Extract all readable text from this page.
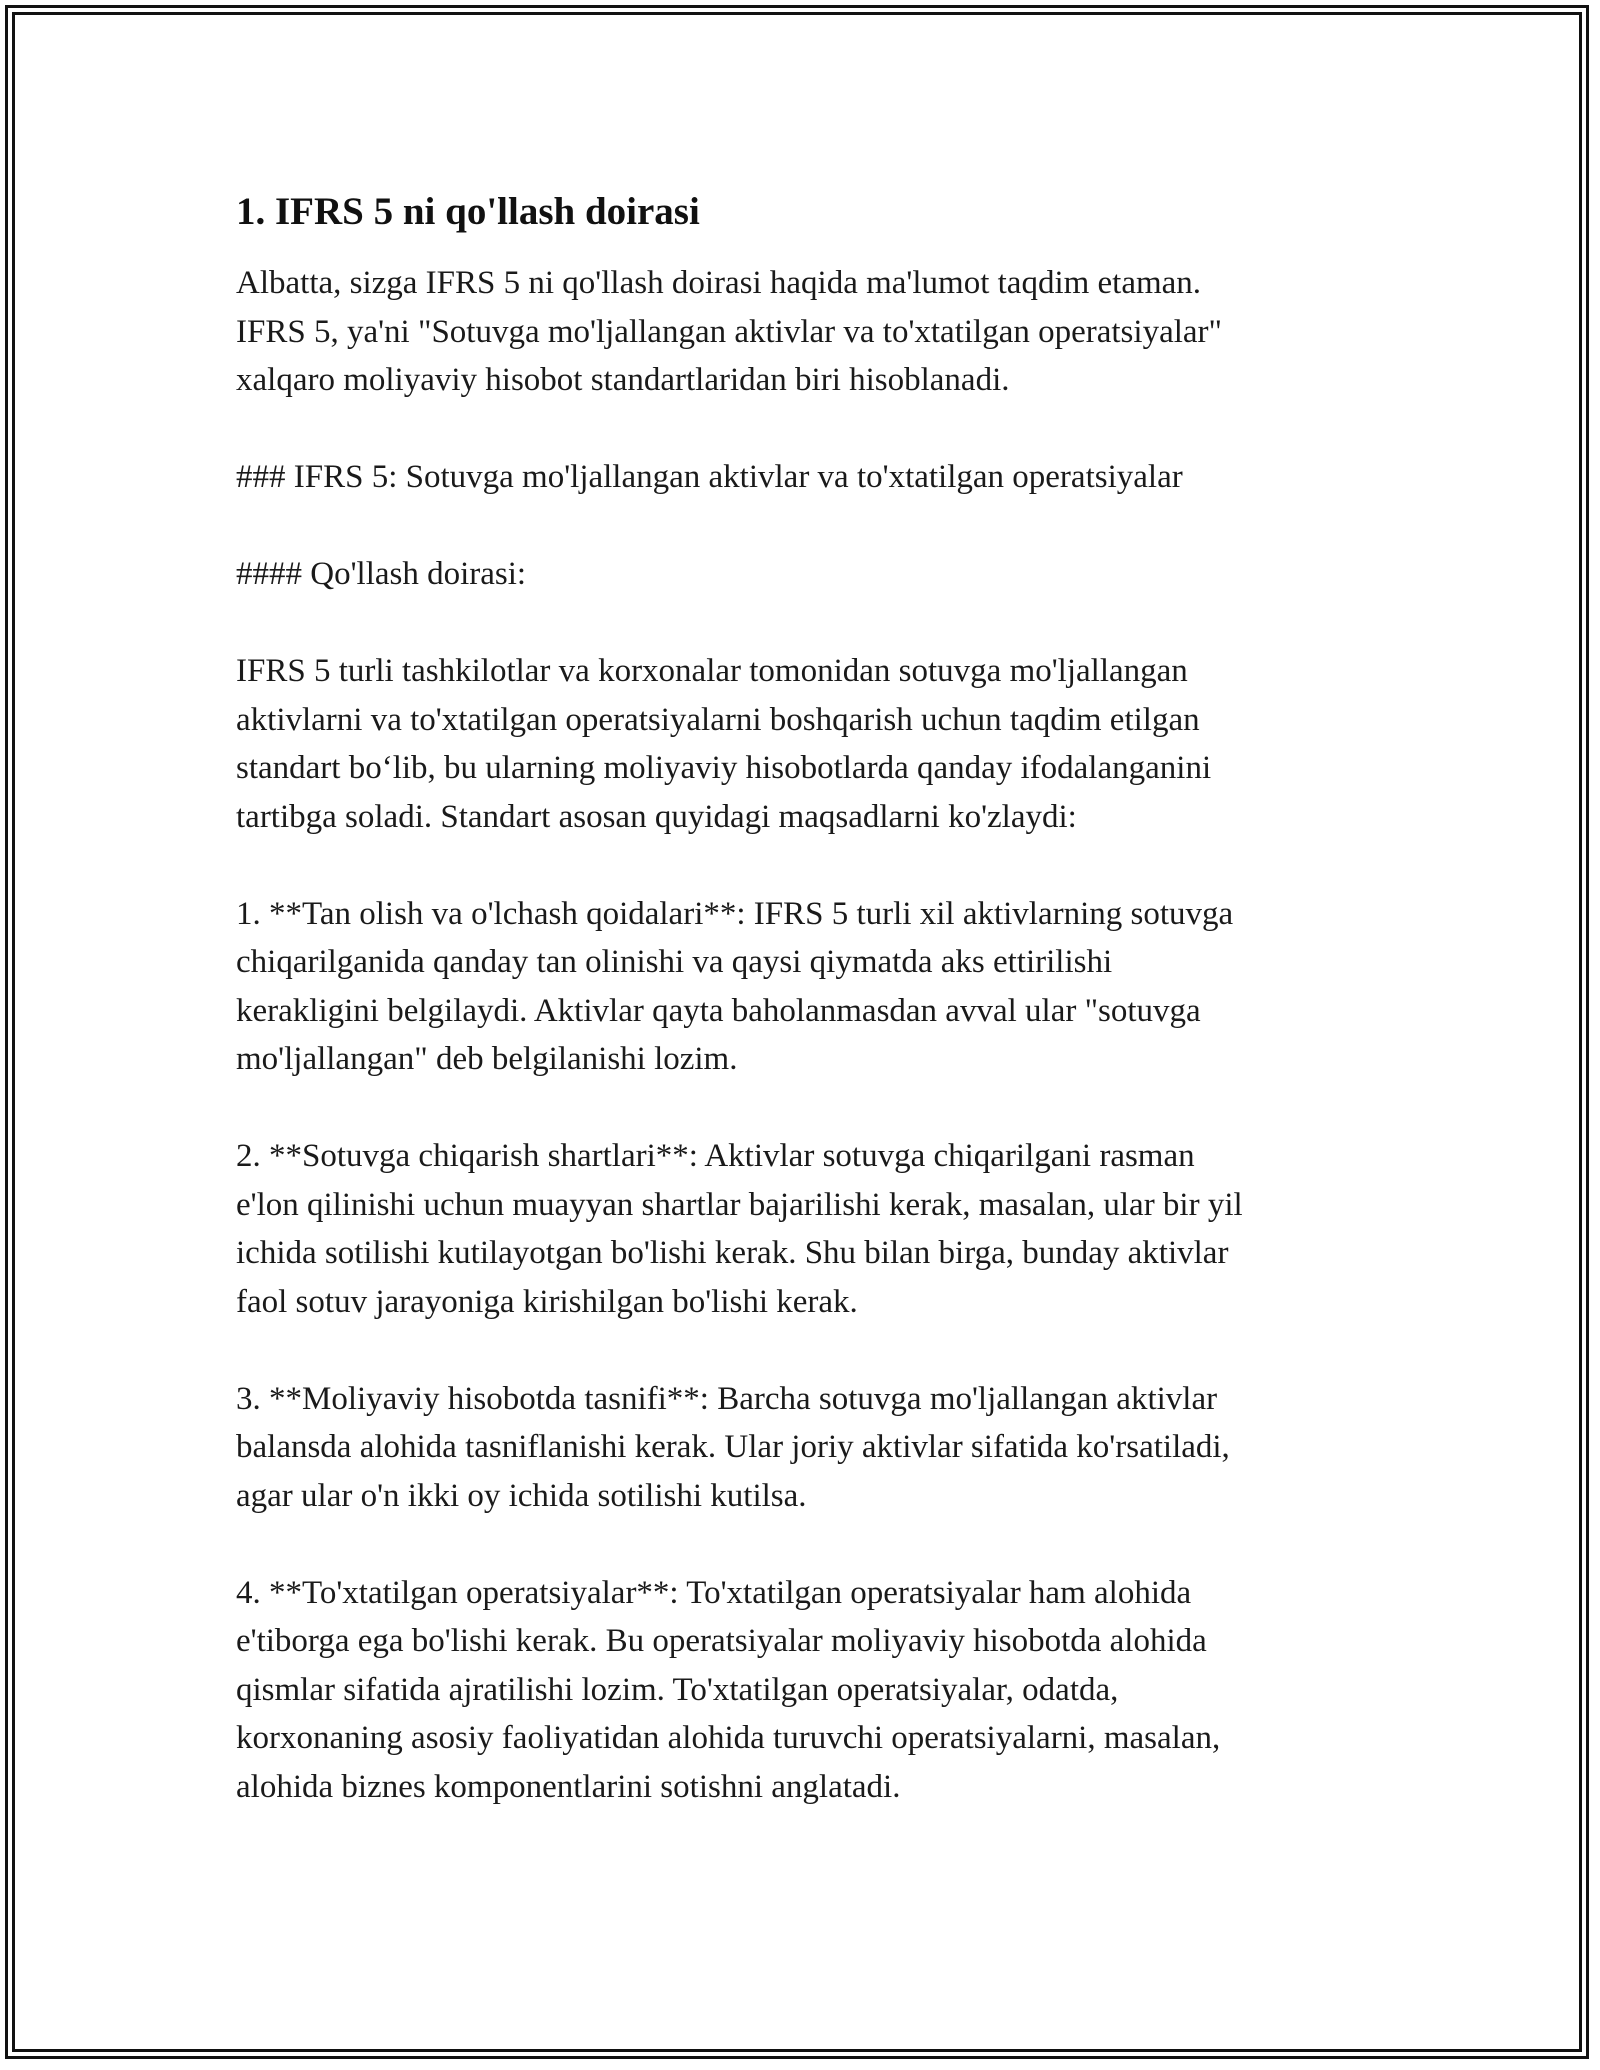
1. IFRS 5 ni qo'llash doirasi
Albatta, sizga IFRS 5 ni qo'llash doirasi haqida ma'lumot taqdim etaman.
IFRS 5, ya'ni "Sotuvga mo'ljallangan aktivlar va to'xtatilgan operatsiyalar"
xalqaro moliyaviy hisobot standartlaridan biri hisoblanadi.
### IFRS 5: Sotuvga mo'ljallangan aktivlar va to'xtatilgan operatsiyalar
#### Qo'llash doirasi:
IFRS 5 turli tashkilotlar va korxonalar tomonidan sotuvga mo'ljallangan
aktivlarni va to'xtatilgan operatsiyalarni boshqarish uchun taqdim etilgan
standart bo‘lib, bu ularning moliyaviy hisobotlarda qanday ifodalanganini
tartibga soladi. Standart asosan quyidagi maqsadlarni ko'zlaydi:
1. **Tan olish va o'lchash qoidalari**: IFRS 5 turli xil aktivlarning sotuvga
chiqarilganida qanday tan olinishi va qaysi qiymatda aks ettirilishi
kerakligini belgilaydi. Aktivlar qayta baholanmasdan avval ular "sotuvga
mo'ljallangan" deb belgilanishi lozim.
2. **Sotuvga chiqarish shartlari**: Aktivlar sotuvga chiqarilgani rasman
e'lon qilinishi uchun muayyan shartlar bajarilishi kerak, masalan, ular bir yil
ichida sotilishi kutilayotgan bo'lishi kerak. Shu bilan birga, bunday aktivlar
faol sotuv jarayoniga kirishilgan bo'lishi kerak.
3. **Moliyaviy hisobotda tasnifi**: Barcha sotuvga mo'ljallangan aktivlar
balansda alohida tasniflanishi kerak. Ular joriy aktivlar sifatida ko'rsatiladi,
agar ular o'n ikki oy ichida sotilishi kutilsa.
4. **To'xtatilgan operatsiyalar**: To'xtatilgan operatsiyalar ham alohida
e'tiborga ega bo'lishi kerak. Bu operatsiyalar moliyaviy hisobotda alohida
qismlar sifatida ajratilishi lozim. To'xtatilgan operatsiyalar, odatda,
korxonaning asosiy faoliyatidan alohida turuvchi operatsiyalarni, masalan,
alohida biznes komponentlarini sotishni anglatadi.
